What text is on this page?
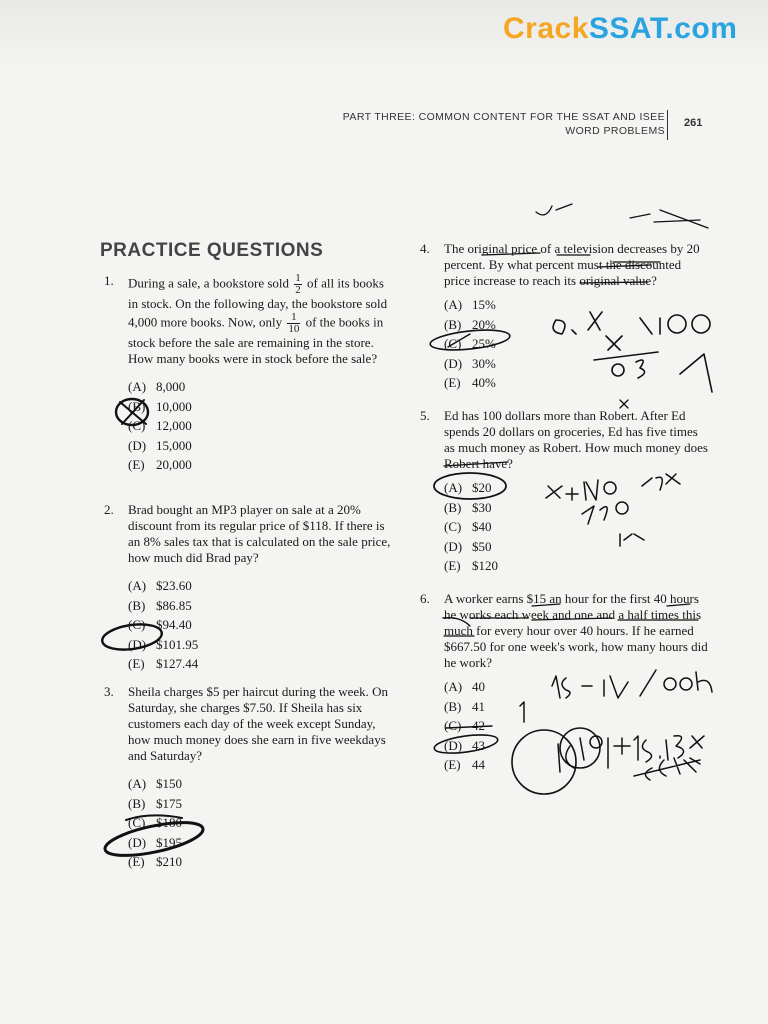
CrackSSAT.com
PART THREE: COMMON CONTENT FOR THE SSAT AND ISEE
WORD PROBLEMS
261
PRACTICE QUESTIONS
1. During a sale, a bookstore sold $\frac{1}{2}$ of all its books in stock. On the following day, the bookstore sold 4,000 more books. Now, only $\frac{1}{10}$ of the books in stock before the sale are remaining in the store. How many books were in stock before the sale?
(A) 8,000
(B) 10,000
(C) 12,000
(D) 15,000
(E) 20,000
2. Brad bought an MP3 player on sale at a 20% discount from its regular price of $118. If there is an 8% sales tax that is calculated on the sale price, how much did Brad pay?
(A) $23.60
(B) $86.85
(C) $94.40
(D) $101.95
(E) $127.44
3. Sheila charges $5 per haircut during the week. On Saturday, she charges $7.50. If Sheila has six customers each day of the week except Sunday, how much money does she earn in five weekdays and Saturday?
(A) $150
(B) $175
(C) $180
(D) $195
(E) $210
4. The original price of a television decreases by 20 percent. By what percent must the discounted price increase to reach its original value?
(A) 15%
(B) 20%
(C) 25%
(D) 30%
(E) 40%
5. Ed has 100 dollars more than Robert. After Ed spends 20 dollars on groceries, Ed has five times as much money as Robert. How much money does Robert have?
(A) $20
(B) $30
(C) $40
(D) $50
(E) $120
6. A worker earns $15 an hour for the first 40 hours he works each week and one and a half times this much for every hour over 40 hours. If he earned $667.50 for one week's work, how many hours did he work?
(A) 40
(B) 41
(C) 42
(D) 43
(E) 44
